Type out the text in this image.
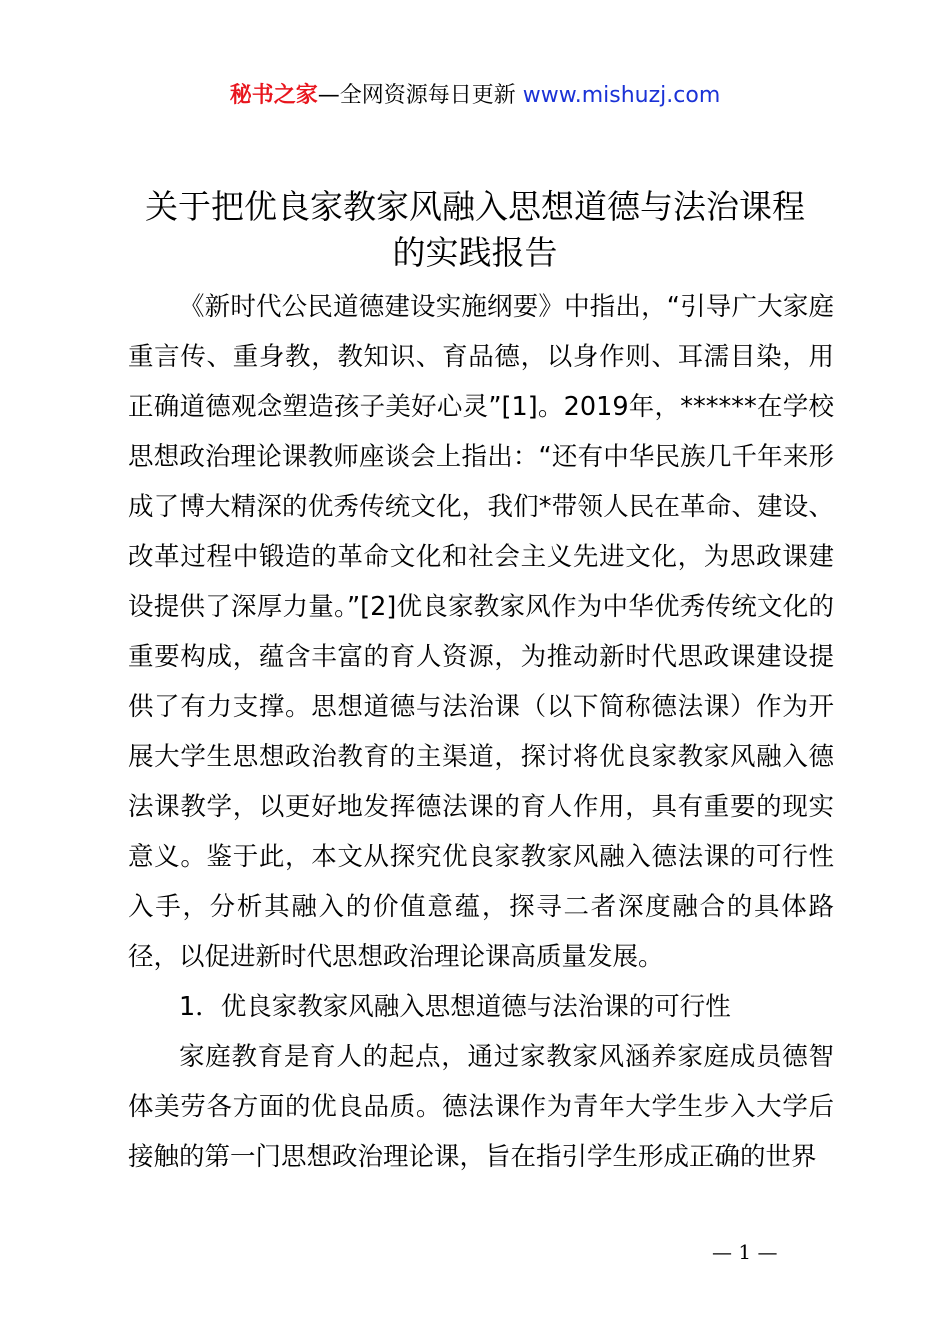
秘书之家—全网资源每日更新 www.mishuzj.com
关于把优良家教家风融入思想道德与法治课程
的实践报告

《新时代公民道德建设实施纲要》中指出，“引导广大家庭重言传、重身教，教知识、育品德，以身作则、耳濡目染，用正确道德观念塑造孩子美好心灵”[1]。2019年，******在学校思想政治理论课教师座谈会上指出：“还有中华民族几千年来形成了博大精深的优秀传统文化，我们*带领人民在革命、建设、改革过程中锻造的革命文化和社会主义先进文化，为思政课建设提供了深厚力量。”[2]优良家教家风作为中华优秀传统文化的重要构成，蕴含丰富的育人资源，为推动新时代思政课建设提供了有力支撑。思想道德与法治课（以下简称德法课）作为开展大学生思想政治教育的主渠道，探讨将优良家教家风融入德法课教学，以更好地发挥德法课的育人作用，具有重要的现实意义。鉴于此，本文从探究优良家教家风融入德法课的可行性入手，分析其融入的价值意蕴，探寻二者深度融合的具体路径，以促进新时代思想政治理论课高质量发展。

1．优良家教家风融入思想道德与法治课的可行性

家庭教育是育人的起点，通过家教家风涵养家庭成员德智体美劳各方面的优良品质。德法课作为青年大学生步入大学后接触的第一门思想政治理论课，旨在指引学生形成正确的世界

— 1 —
